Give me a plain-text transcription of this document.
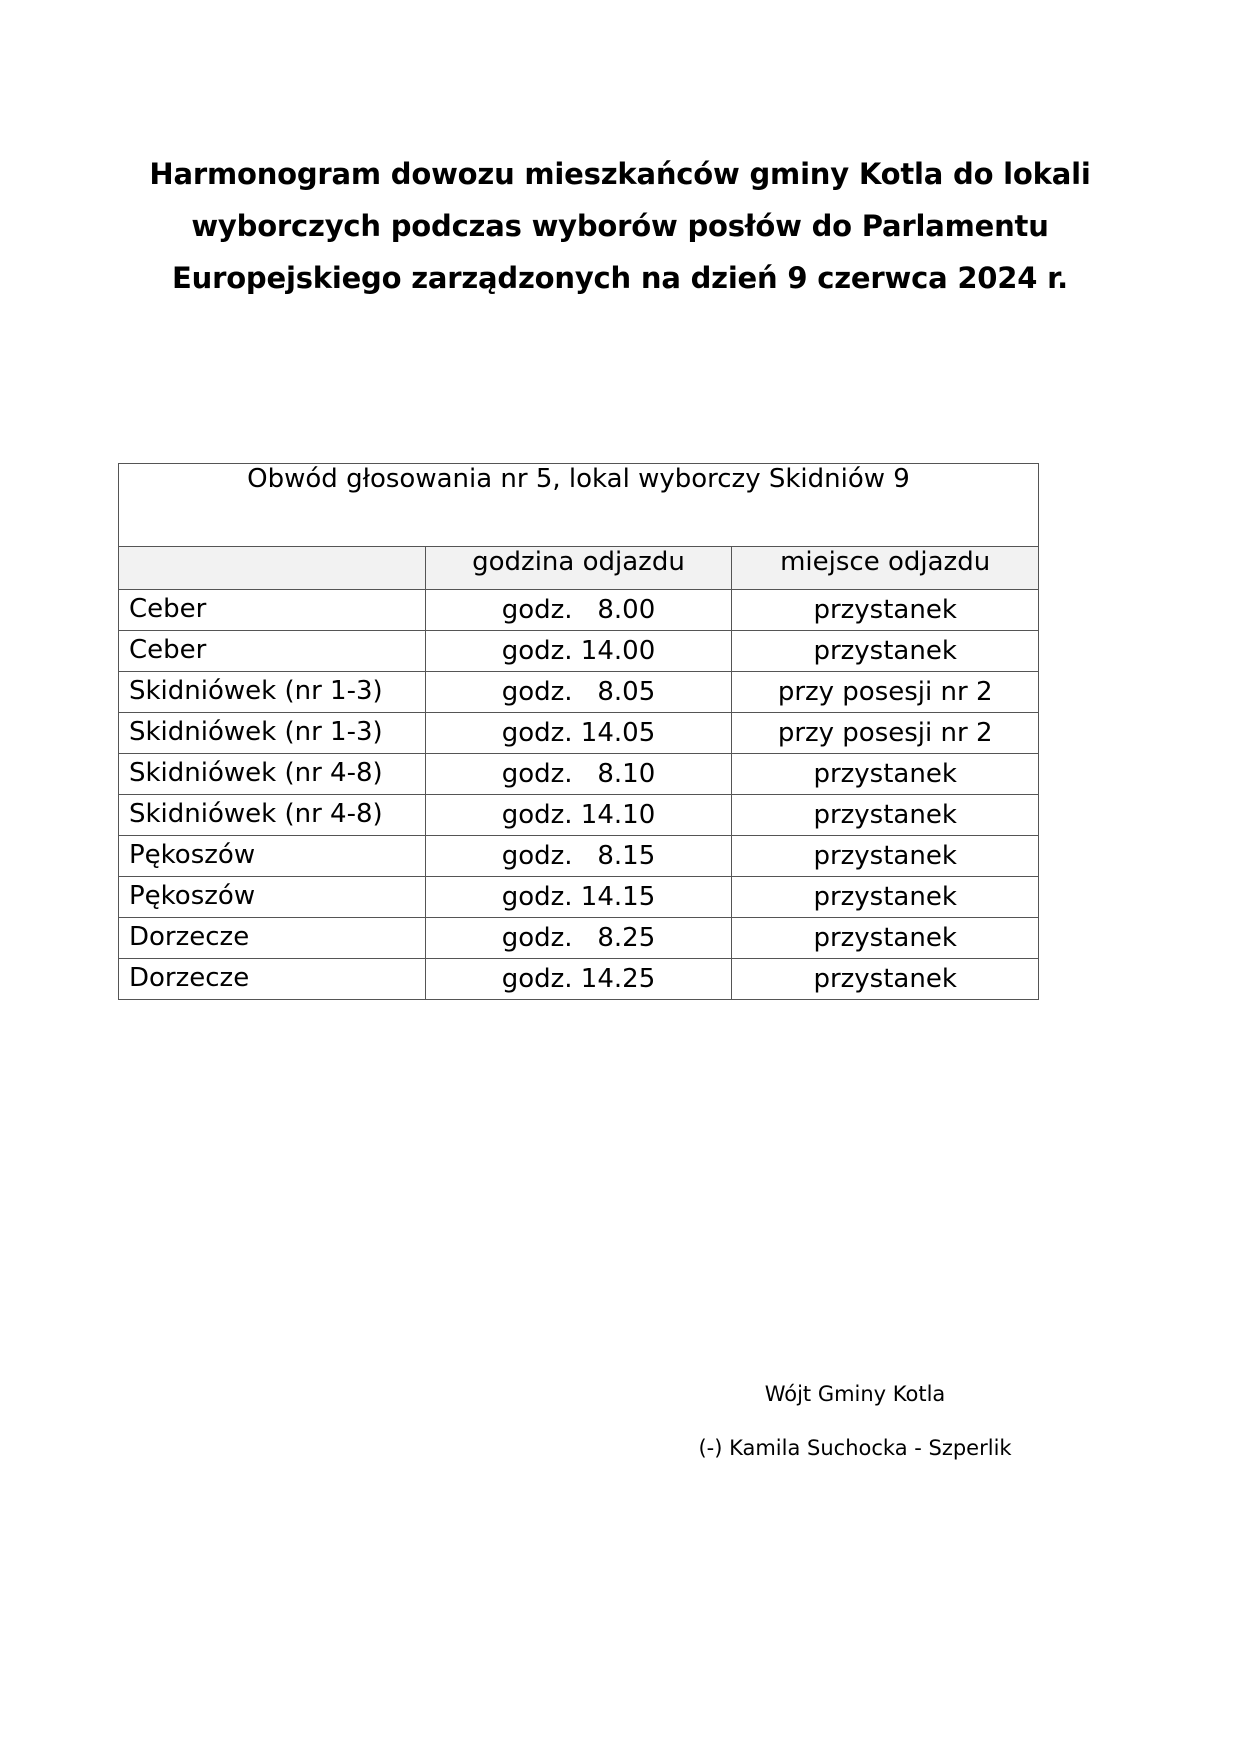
Harmonogram dowozu mieszkańców gminy Kotla do lokali
wyborczych podczas wyborów posłów do Parlamentu
Europejskiego zarządzonych na dzień 9 czerwca 2024 r.
Obwód głosowania nr 5, lokal wyborczy Skidniów 9		
	godzina odjazdu	miejsce odjazdu
Ceber	godz.   8.00	przystanek
Ceber	godz. 14.00	przystanek
Skidniówek (nr 1-3)	godz.   8.05	przy posesji nr 2
Skidniówek (nr 1-3)	godz. 14.05	przy posesji nr 2
Skidniówek (nr 4-8)	godz.   8.10	przystanek
Skidniówek (nr 4-8)	godz. 14.10	przystanek
Pękoszów	godz.   8.15	przystanek
Pękoszów	godz. 14.15	przystanek
Dorzecze	godz.   8.25	przystanek
Dorzecze	godz. 14.25	przystanek
Wójt Gminy Kotla
(-) Kamila Suchocka - Szperlik
